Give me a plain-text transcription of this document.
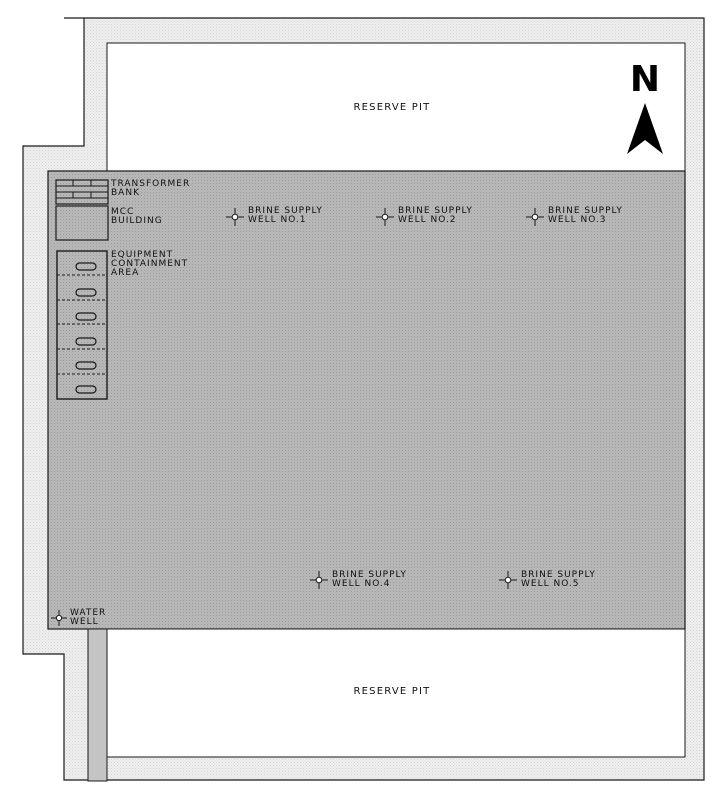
RESERVE PIT
RESERVE PIT
N
TRANSFORMER
BANK
MCC
BUILDING
EQUIPMENT
CONTAINMENT
AREA
BRINE SUPPLY
WELL NO.1
BRINE SUPPLY
WELL NO.2
BRINE SUPPLY
WELL NO.3
BRINE SUPPLY
WELL NO.4
BRINE SUPPLY
WELL NO.5
WATER
WELL
